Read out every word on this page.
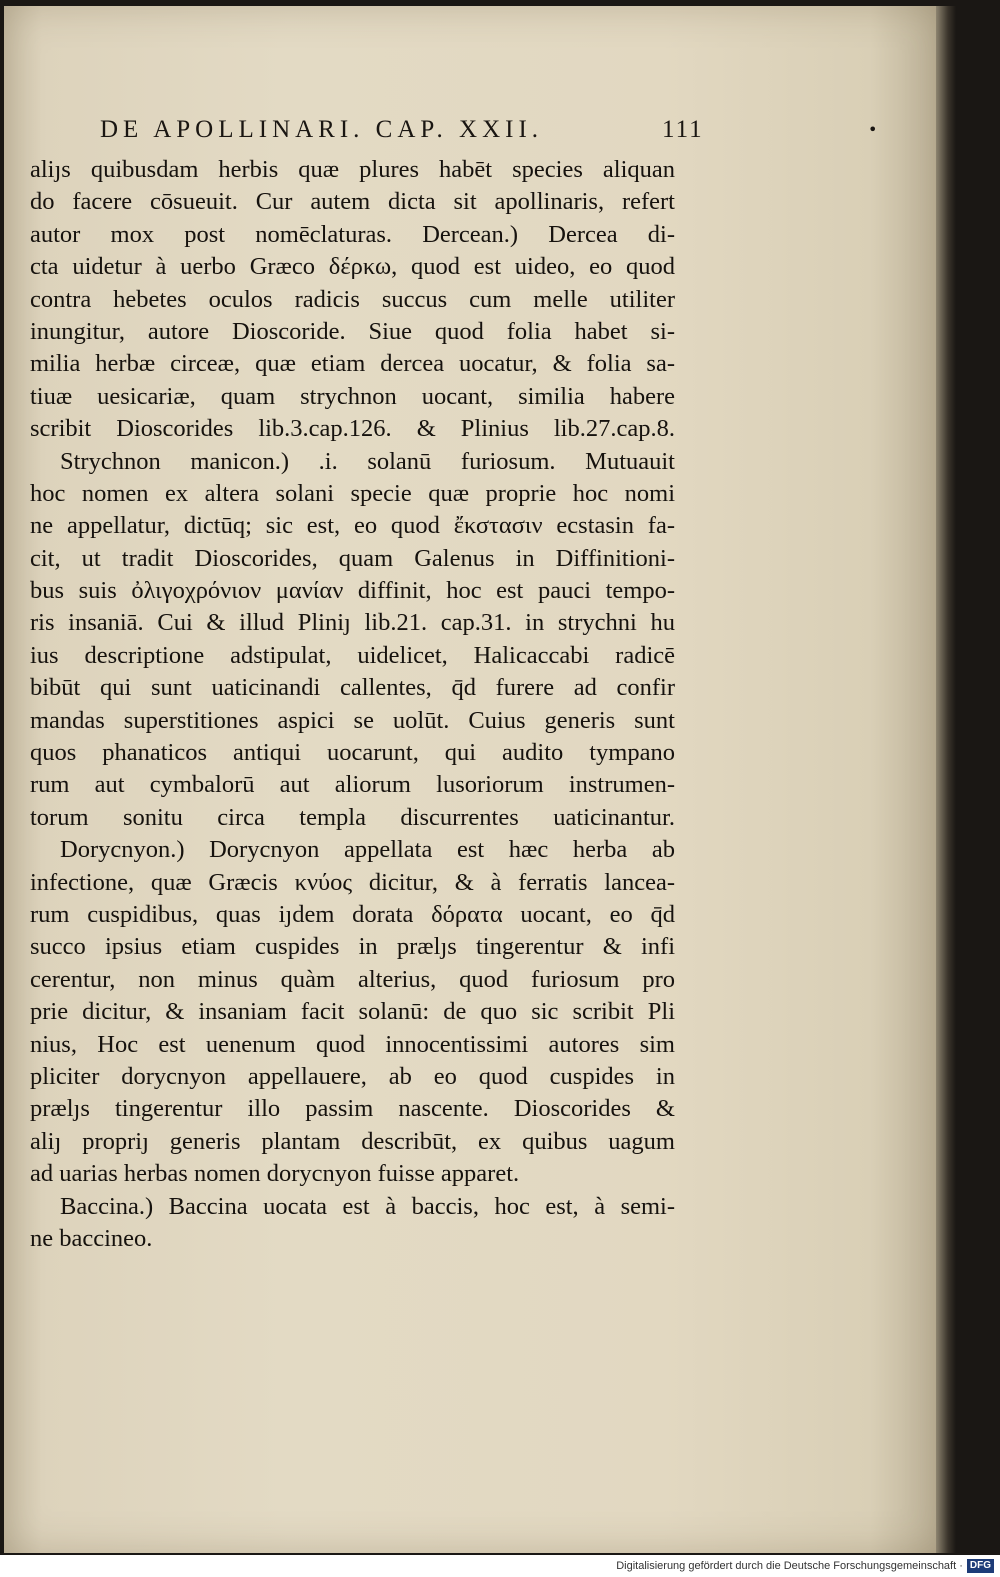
DE APOLLINARI. CAP. XXII.	111	•
aliȷs quibusdam herbis quæ plures habēt species aliquan
do facere cōsueuit. Cur autem dicta sit apollinaris, refert
autor mox post nomēclaturas. Dercean.) Dercea di-
cta uidetur à uerbo Græco δέρκω, quod est uideo, eo quod
contra hebetes oculos radicis succus cum melle utiliter
inungitur, autore Dioscoride. Siue quod folia habet si-
milia herbæ circeæ, quæ etiam dercea uocatur, & folia sa-
tiuæ uesicariæ, quam strychnon uocant, similia habere
scribit Dioscorides lib.3.cap.126. & Plinius lib.27.cap.8.
Strychnon manicon.) .i. solanū furiosum. Mutuauit
hoc nomen ex altera solani specie quæ proprie hoc nomi
ne appellatur, dictūq; sic est, eo quod ἔκστασιν ecstasin fa-
cit, ut tradit Dioscorides, quam Galenus in Diffinitioni-
bus suis ὀλιγοχρόνιον μανίαν diffinit, hoc est pauci tempo-
ris insaniā. Cui & illud Pliniȷ lib.21. cap.31. in strychni hu
ius descriptione adstipulat, uidelicet, Halicaccabi radicē
bibūt qui sunt uaticinandi callentes, q̄d furere ad confir
mandas superstitiones aspici se uolūt. Cuius generis sunt
quos phanaticos antiqui uocarunt, qui audito tympano
rum aut cymbalorū aut aliorum lusoriorum instrumen-
torum sonitu circa templa discurrentes uaticinantur.
Dorycnyon.) Dorycnyon appellata est hæc herba ab
infectione, quæ Græcis κνύος dicitur, & à ferratis lancea-
rum cuspidibus, quas iȷdem dorata δόρατα uocant, eo q̄d
succo ipsius etiam cuspides in prælȷs tingerentur & infi
cerentur, non minus quàm alterius, quod furiosum pro
prie dicitur, & insaniam facit solanū: de quo sic scribit Pli
nius, Hoc est uenenum quod innocentissimi autores sim
pliciter dorycnyon appellauere, ab eo quod cuspides in
prælȷs tingerentur illo passim nascente. Dioscorides &
aliȷ propriȷ generis plantam describūt, ex quibus uagum
ad uarias herbas nomen dorycnyon fuisse apparet.
Baccina.) Baccina uocata est à baccis, hoc est, à semi-
ne baccineo.
Digitalisierung gefördert durch die Deutsche Forschungsgemeinschaft · DFG
